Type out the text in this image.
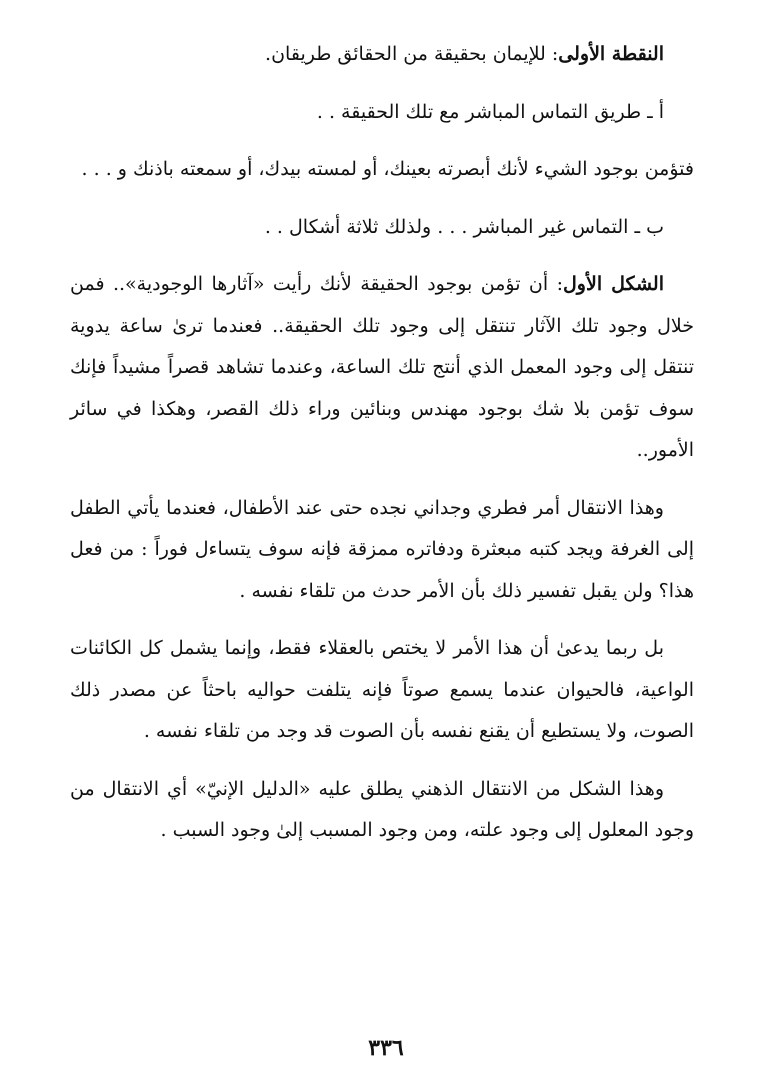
النقطة الأولى: للإيمان بحقيقة من الحقائق طريقان.

أ ـ طريق التماس المباشر مع تلك الحقيقة . .

فتؤمن بوجود الشيء لأنك أبصرته بعينك، أو لمسته بيدك، أو سمعته باذنك و . . .

ب ـ التماس غير المباشر . . . ولذلك ثلاثة أشكال . .

الشكل الأول: أن تؤمن بوجود الحقيقة لأنك رأيت «آثارها الوجودية».. فمن خلال وجود تلك الآثار تنتقل إلى وجود تلك الحقيقة.. فعندما ترىٰ ساعة يدوية تنتقل إلى وجود المعمل الذي أنتج تلك الساعة، وعندما تشاهد قصراً مشيداً فإنك سوف تؤمن بلا شك بوجود مهندس وبنائين وراء ذلك القصر، وهكذا في سائر الأمور..

وهذا الانتقال أمر فطري وجداني نجده حتى عند الأطفال، فعندما يأتي الطفل إلى الغرفة ويجد كتبه مبعثرة ودفاتره ممزقة فإنه سوف يتساءل فوراً : من فعل هذا؟ ولن يقبل تفسير ذلك بأن الأمر حدث من تلقاء نفسه .

بل ربما يدعىٰ أن هذا الأمر لا يختص بالعقلاء فقط، وإنما يشمل كل الكائنات الواعية، فالحيوان عندما يسمع صوتاً فإنه يتلفت حواليه باحثاً عن مصدر ذلك الصوت، ولا يستطيع أن يقنع نفسه بأن الصوت قد وجد من تلقاء نفسه .

وهذا الشكل من الانتقال الذهني يطلق عليه «الدليل الإنيّ» أي الانتقال من وجود المعلول إلى وجود علته، ومن وجود المسبب إلىٰ وجود السبب .

٣٣٦
